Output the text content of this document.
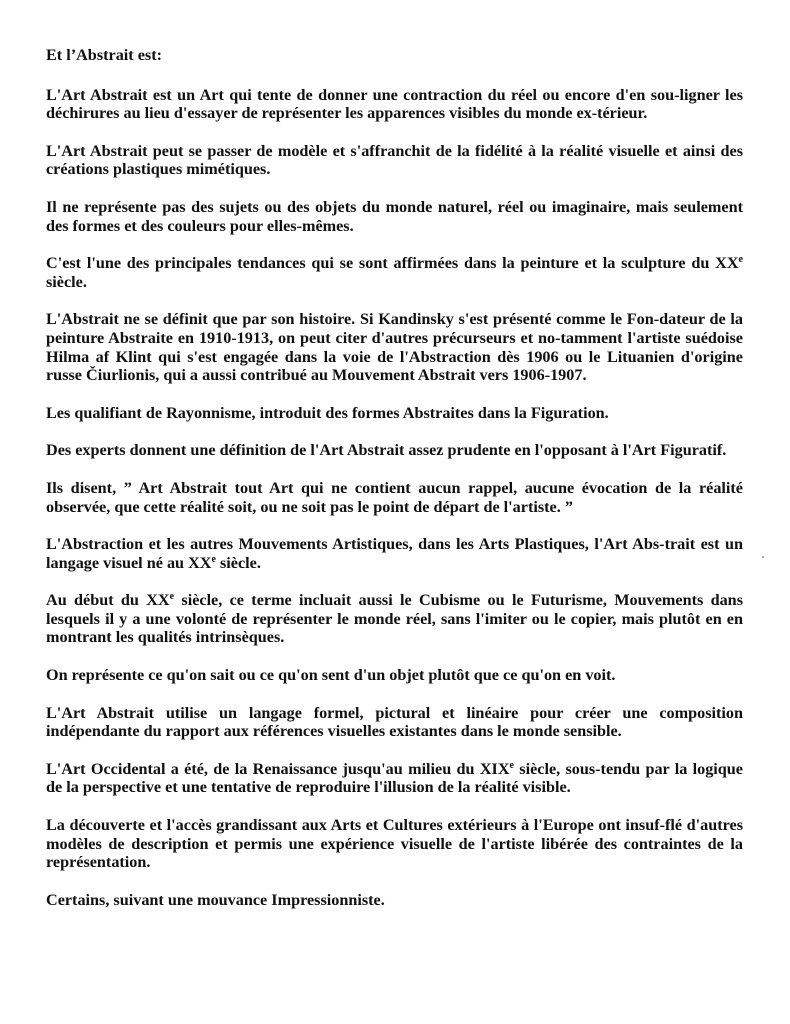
Et l’Abstrait est:

L'Art Abstrait est un Art qui tente de donner une contraction du réel ou encore d'en sou-ligner les déchirures au lieu d'essayer de représenter les apparences visibles du monde ex-térieur.

L'Art Abstrait peut se passer de modèle et s'affranchit de la fidélité à la réalité visuelle et ainsi des créations plastiques mimétiques.

Il ne représente pas des sujets ou des objets du monde naturel, réel ou imaginaire, mais seulement des formes et des couleurs pour elles-mêmes.

C'est l'une des principales tendances qui se sont affirmées dans la peinture et la sculpture du XXe siècle.

L'Abstrait ne se définit que par son histoire. Si Kandinsky s'est présenté comme le Fon-dateur de la peinture Abstraite en 1910-1913, on peut citer d'autres précurseurs et no-tamment l'artiste suédoise Hilma af Klint qui s'est engagée dans la voie de l'Abstraction dès 1906 ou le Lituanien d'origine russe Čiurlionis, qui a aussi contribué au Mouvement Abstrait vers 1906-1907.

Les qualifiant de Rayonnisme, introduit des formes Abstraites dans la Figuration.

Des experts donnent une définition de l'Art Abstrait assez prudente en l'opposant à l'Art Figuratif.

Ils disent, ” Art Abstrait tout Art qui ne contient aucun rappel, aucune évocation de la réalité observée, que cette réalité soit, ou ne soit pas le point de départ de l'artiste. ”

L'Abstraction et les autres Mouvements Artistiques, dans les Arts Plastiques, l'Art Abs-trait est un langage visuel né au XXe siècle.

Au début du XXe siècle, ce terme incluait aussi le Cubisme ou le Futurisme, Mouvements dans lesquels il y a une volonté de représenter le monde réel, sans l'imiter ou le copier, mais plutôt en en montrant les qualités intrinsèques.

On représente ce qu'on sait ou ce qu'on sent d'un objet plutôt que ce qu'on en voit.

L'Art Abstrait utilise un langage formel, pictural et linéaire pour créer une composition indépendante du rapport aux références visuelles existantes dans le monde sensible.

L'Art Occidental a été, de la Renaissance jusqu'au milieu du XIXe siècle, sous-tendu par la logique de la perspective et une tentative de reproduire l'illusion de la réalité visible.

La découverte et l'accès grandissant aux Arts et Cultures extérieurs à l'Europe ont insuf-flé d'autres modèles de description et permis une expérience visuelle de l'artiste libérée des contraintes de la représentation.

Certains, suivant une mouvance Impressionniste.
